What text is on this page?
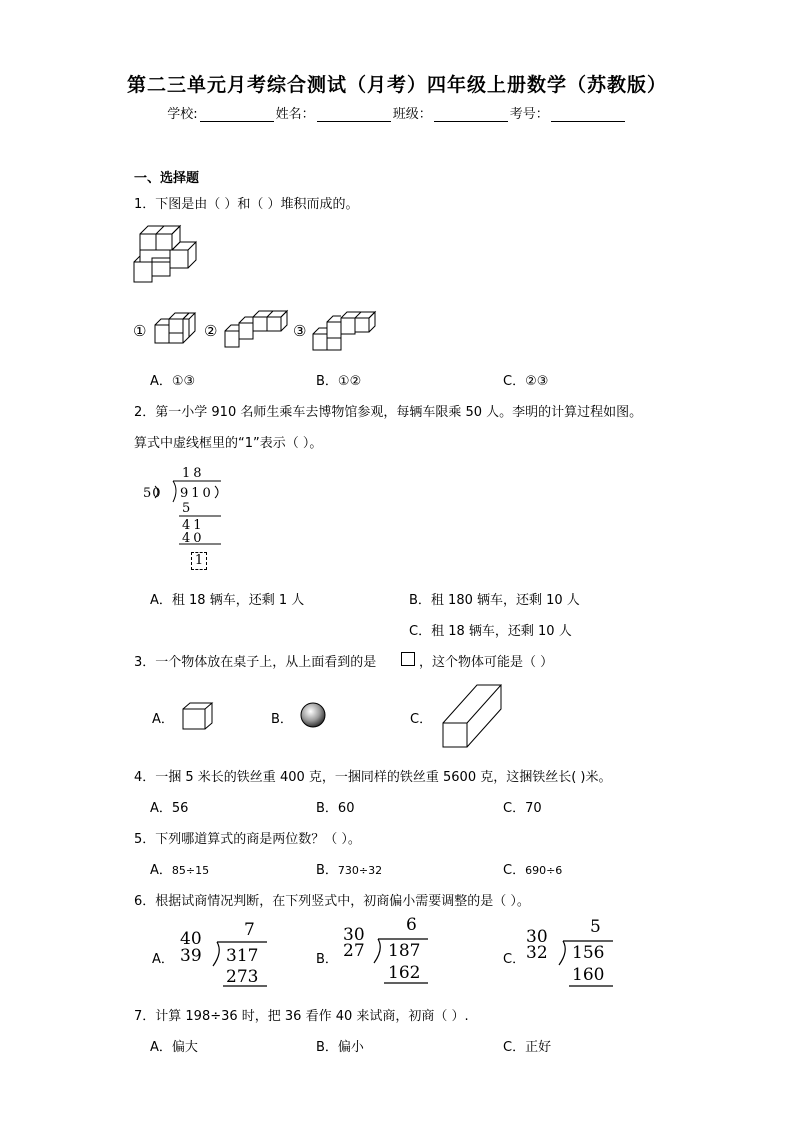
第二三单元月考综合测试（月考）四年级上册数学（苏教版）
学校:	姓名：	班级：	考号：
一、选择题
1．下图是由（ ）和（ ）堆积而成的。
①	②	③
A．①③	B．①②	C．②③
2．第一小学 910 名师生乘车去博物馆参观，每辆车限乘 50 人。李明的计算过程如图。
算式中虚线框里的“1”表示（ ）。
18
50 910
5
41
40
1
A．租 18 辆车，还剩 1 人	B．租 180 辆车，还剩 10 人
C．租 18 辆车，还剩 10 人
3．一个物体放在桌子上，从上面看到的是	，这个物体可能是（ ）
A．	B．	C．
4．一捆 5 米长的铁丝重 400 克，一捆同样的铁丝重 5600 克，这捆铁丝长( )米。
A．56	B．60	C．70
5．下列哪道算式的商是两位数？（ ）。
A．85÷15	B．730÷32	C．690÷6
6．根据试商情况判断，在下列竖式中，初商偏小需要调整的是（ ）。
A．
40
39
7
317
273
B．
30
27
6
187
162
C．
30
32
5
156
160
7．计算 198÷36 时，把 36 看作 40 来试商，初商（ ）.
A．偏大	B．偏小	C．正好
